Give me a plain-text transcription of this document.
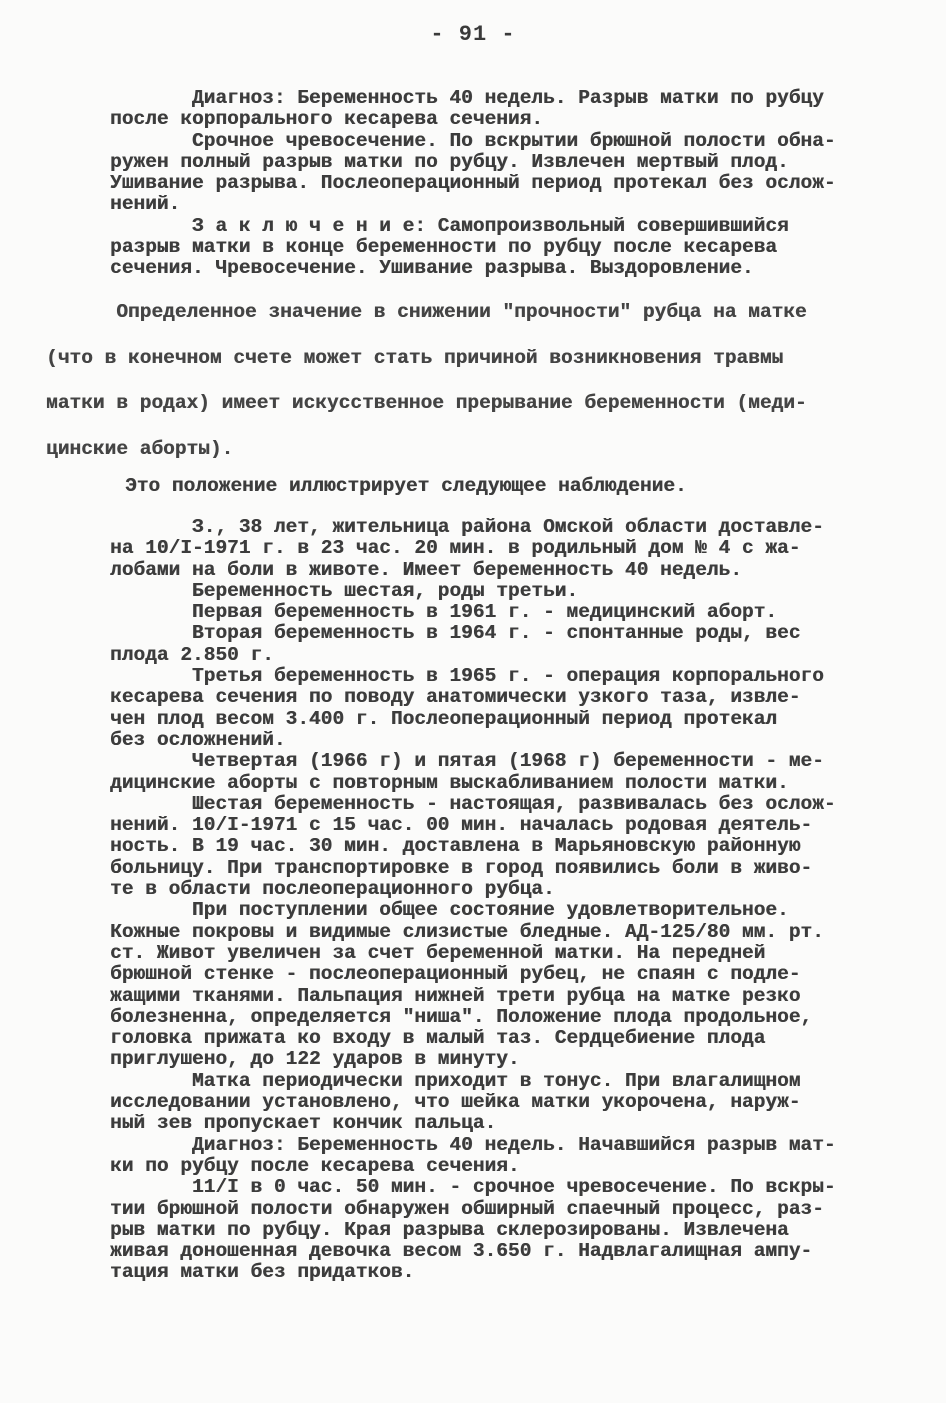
- 91 -

Диагноз: Беременность 40 недель. Разрыв матки по рубцу
после корпорального кесарева сечения.
Срочное чревосечение. По вскрытии брюшной полости обна-
ружен полный разрыв матки по рубцу. Извлечен мертвый плод.
Ушивание разрыва. Послеоперационный период протекал без ослож-
нений.
З а к л ю ч е н и е: Самопроизвольный совершившийся
разрыв матки в конце беременности по рубцу после кесарева
сечения. Чревосечение. Ушивание разрыва. Выздоровление.

Определенное значение в снижении "прочности" рубца на матке
(что в конечном счете может стать причиной возникновения травмы
матки в родах) имеет искусственное прерывание беременности (меди-
цинские аборты).

Это положение иллюстрирует следующее наблюдение.

З., 38 лет, жительница района Омской области доставле-
на 10/I-1971 г. в 23 час. 20 мин. в родильный дом № 4 с жа-
лобами на боли в животе. Имеет беременность 40 недель.
Беременность шестая, роды третьи.
Первая беременность в 1961 г. - медицинский аборт.
Вторая беременность в 1964 г. - спонтанные роды, вес
плода 2.850 г.
Третья беременность в 1965 г. - операция корпорального
кесарева сечения по поводу анатомически узкого таза, извле-
чен плод весом 3.400 г. Послеоперационный период протекал
без осложнений.
Четвертая (1966 г) и пятая (1968 г) беременности - ме-
дицинские аборты с повторным выскабливанием полости матки.
Шестая беременность - настоящая, развивалась без ослож-
нений. 10/I-1971 с 15 час. 00 мин. началась родовая деятель-
ность. В 19 час. 30 мин. доставлена в Марьяновскую районную
больницу. При транспортировке в город появились боли в живо-
те в области послеоперационного рубца.
При поступлении общее состояние удовлетворительное.
Кожные покровы и видимые слизистые бледные. АД-125/80 мм. рт.
ст. Живот увеличен за счет беременной матки. На передней
брюшной стенке - послеоперационный рубец, не спаян с подле-
жащими тканями. Пальпация нижней трети рубца на матке резко
болезненна, определяется "ниша". Положение плода продольное,
головка прижата ко входу в малый таз. Сердцебиение плода
приглушено, до 122 ударов в минуту.
Матка периодически приходит в тонус. При влагалищном
исследовании установлено, что шейка матки укорочена, наруж-
ный зев пропускает кончик пальца.
Диагноз: Беременность 40 недель. Начавшийся разрыв мат-
ки по рубцу после кесарева сечения.
11/I в 0 час. 50 мин. - срочное чревосечение. По вскры-
тии брюшной полости обнаружен обширный спаечный процесс, раз-
рыв матки по рубцу. Края разрыва склерозированы. Извлечена
живая доношенная девочка весом 3.650 г. Надвлагалищная ампу-
тация матки без придатков.
